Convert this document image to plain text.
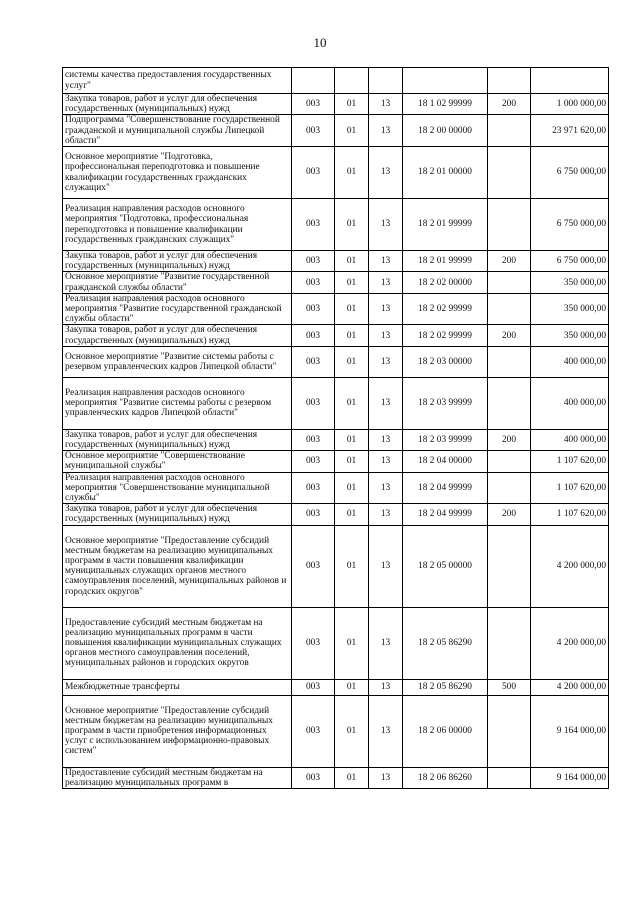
10
системы качества предоставления государственных услуг"						
Закупка товаров, работ и услуг для обеспечения государственных (муниципальных) нужд	003	01	13	18 1 02 99999	200	1 000 000,00
Подпрограмма "Совершенствование государственной гражданской и муниципальной службы Липецкой области"	003	01	13	18 2 00 00000		23 971 620,00
Основное мероприятие "Подготовка, профессиональная переподготовка и повышение квалификации государственных гражданских служащих"	003	01	13	18 2 01 00000		6 750 000,00
Реализация направления расходов основного мероприятия "Подготовка, профессиональная переподготовка и повышение квалификации государственных гражданских служащих"	003	01	13	18 2 01 99999		6 750 000,00
Закупка товаров, работ и услуг для обеспечения государственных (муниципальных) нужд	003	01	13	18 2 01 99999	200	6 750 000,00
Основное мероприятие "Развитие государственной гражданской службы области"	003	01	13	18 2 02 00000		350 000,00
Реализация направления расходов основного мероприятия "Развитие государственной гражданской службы области"	003	01	13	18 2 02 99999		350 000,00
Закупка товаров, работ и услуг для обеспечения государственных (муниципальных) нужд	003	01	13	18 2 02 99999	200	350 000,00
Основное мероприятие "Развитие системы работы с резервом управленческих кадров Липецкой области"	003	01	13	18 2 03 00000		400 000,00
Реализация направления расходов основного мероприятия "Развитие системы работы с резервом управленческих кадров Липецкой области"	003	01	13	18 2 03 99999		400 000,00
Закупка товаров, работ и услуг для обеспечения государственных (муниципальных) нужд	003	01	13	18 2 03 99999	200	400 000,00
Основное мероприятие "Совершенствование муниципальной службы"	003	01	13	18 2 04 00000		1 107 620,00
Реализация направления расходов основного мероприятия "Совершенствование муниципальной службы"	003	01	13	18 2 04 99999		1 107 620,00
Закупка товаров, работ и услуг для обеспечения государственных (муниципальных) нужд	003	01	13	18 2 04 99999	200	1 107 620,00
Основное мероприятие "Предоставление субсидий местным бюджетам на реализацию муниципальных программ в части повышения квалификации муниципальных служащих органов местного самоуправления поселений, муниципальных районов и городских округов"	003	01	13	18 2 05 00000		4 200 000,00
Предоставление субсидий местным бюджетам на реализацию муниципальных программ в части повышения квалификации муниципальных служащих органов местного самоуправления поселений, муниципальных районов и городских округов	003	01	13	18 2 05 86290		4 200 000,00
Межбюджетные трансферты	003	01	13	18 2 05 86290	500	4 200 000,00
Основное мероприятие "Предоставление субсидий местным бюджетам на реализацию муниципальных программ в части приобретения информационных услуг с использованием информационно-правовых систем"	003	01	13	18 2 06 00000		9 164 000,00
Предоставление субсидий местным бюджетам на реализацию муниципальных программ в	003	01	13	18 2 06 86260		9 164 000,00
